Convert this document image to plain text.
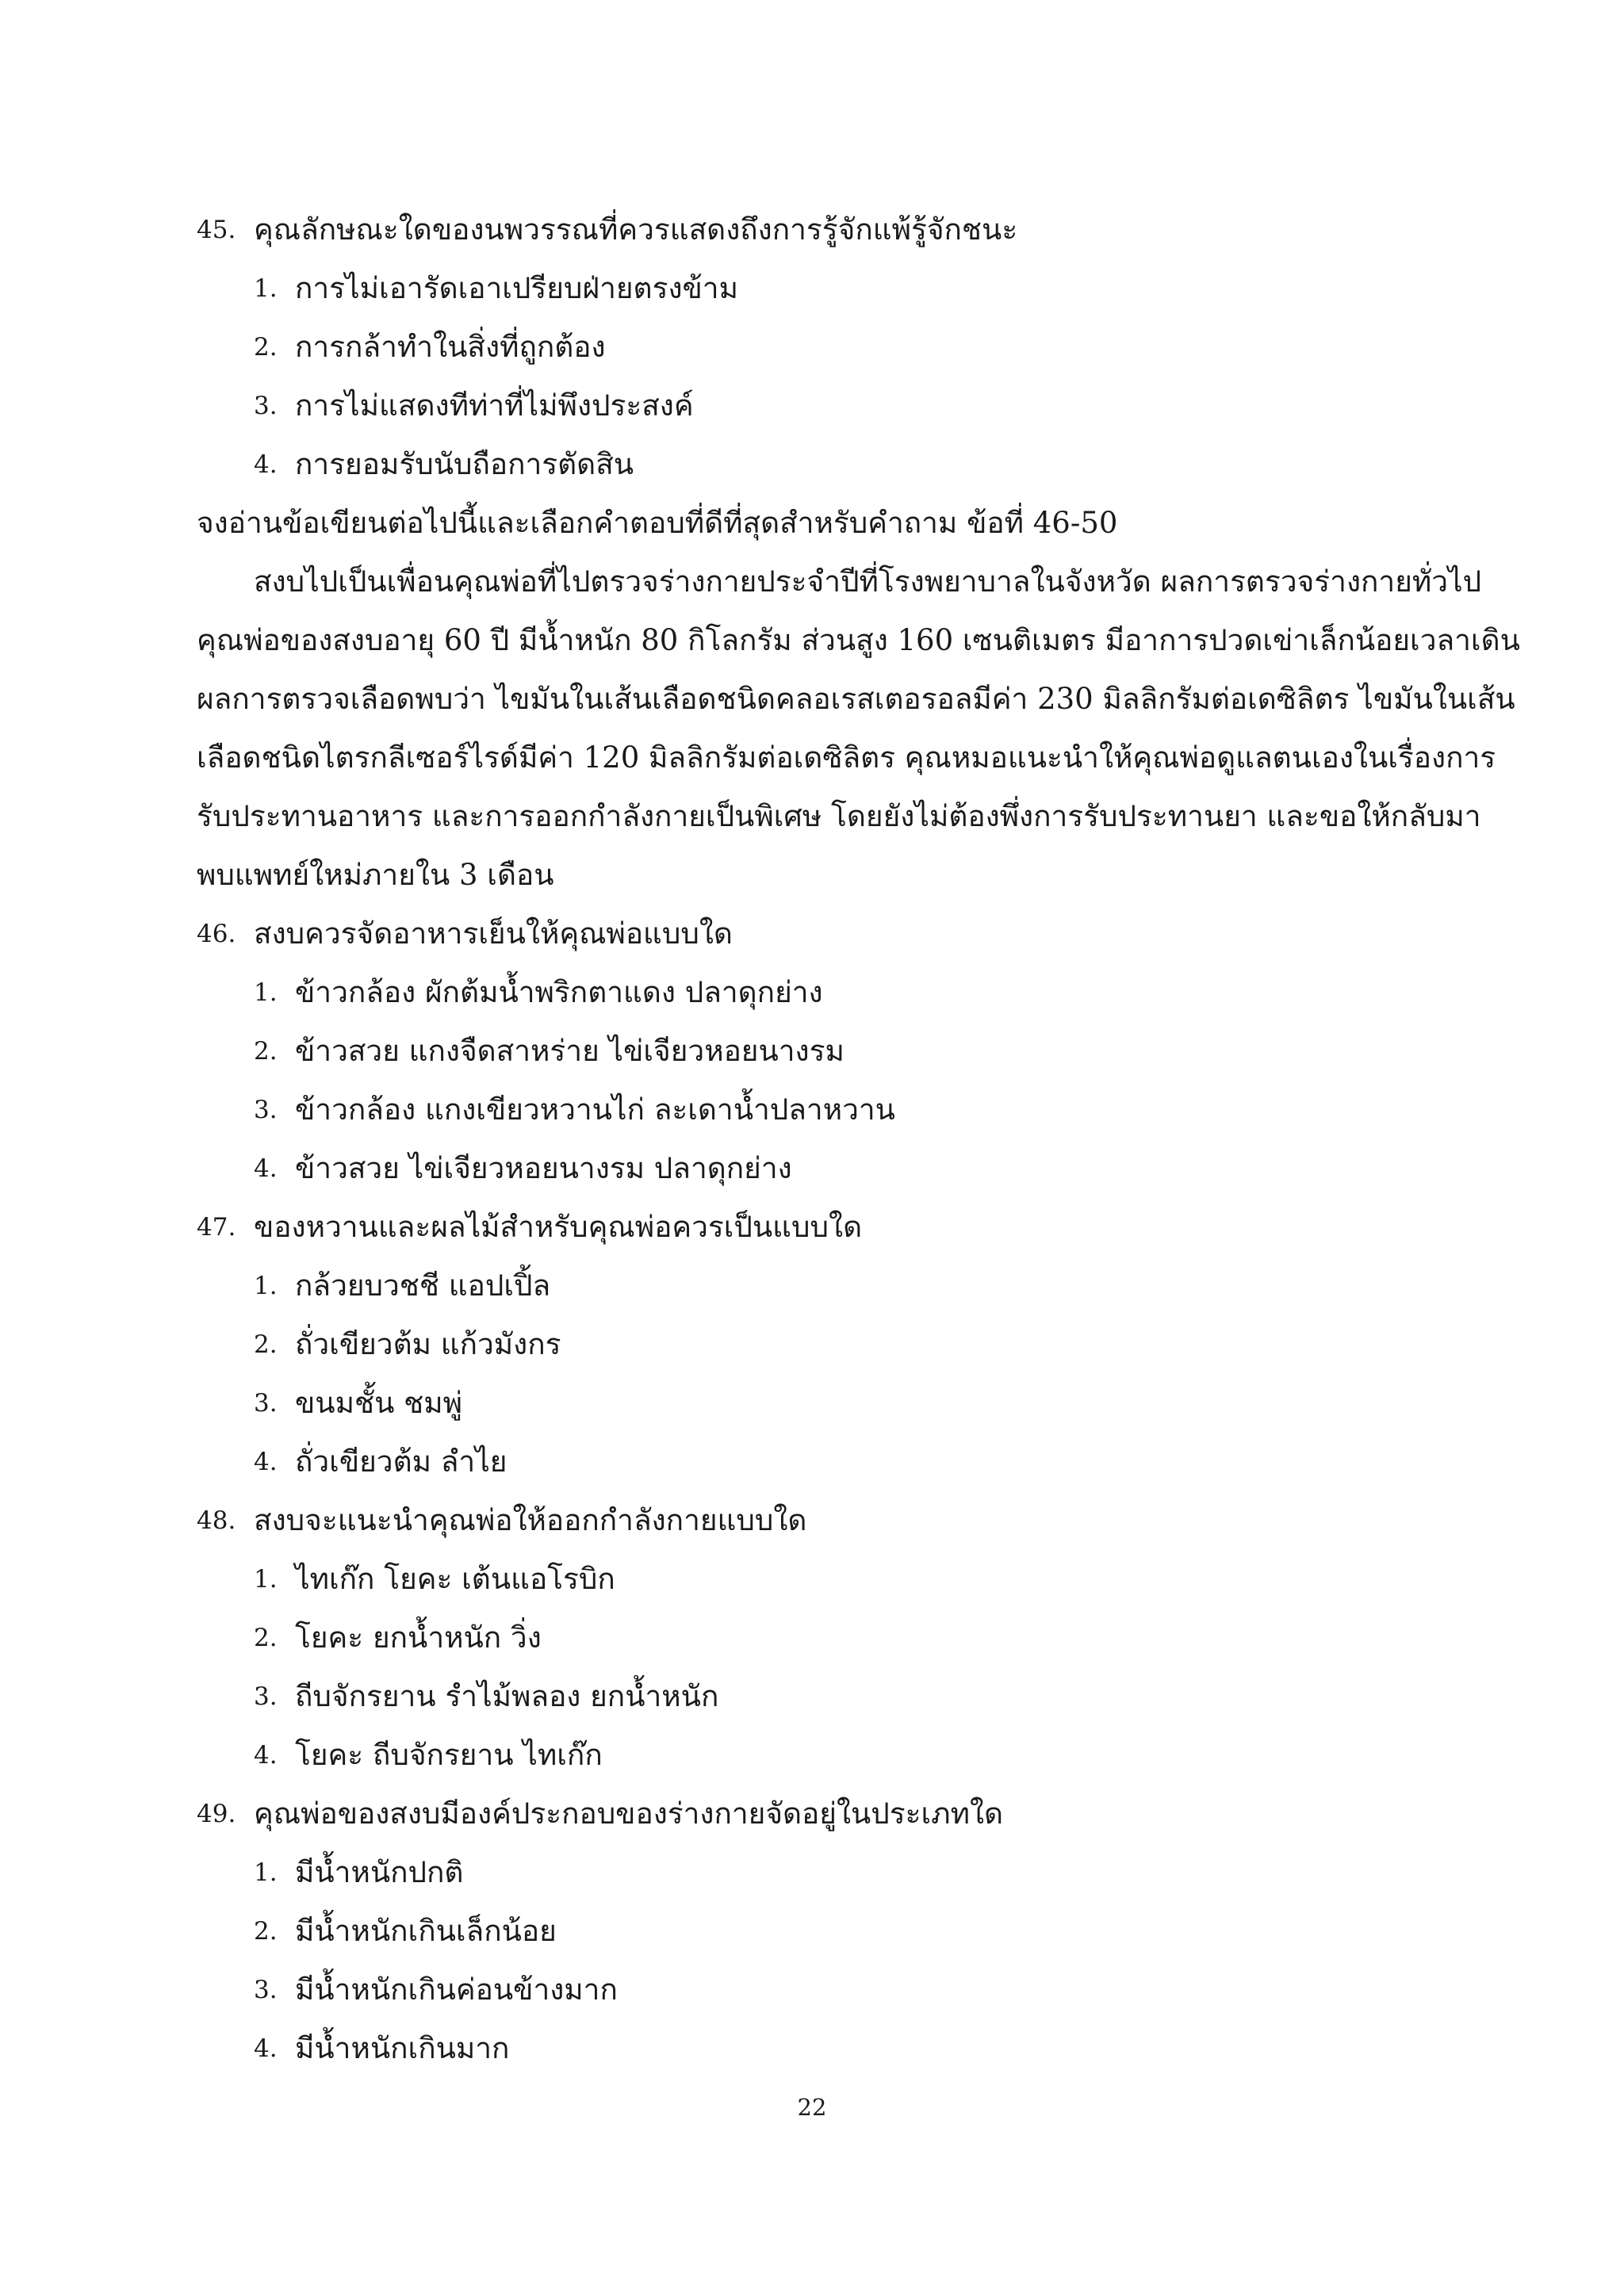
45. คุณลักษณะใดของนพวรรณที่ควรแสดงถึงการรู้จักแพ้รู้จักชนะ
1. การไม่เอารัดเอาเปรียบฝ่ายตรงข้าม
2. การกล้าทำในสิ่งที่ถูกต้อง
3. การไม่แสดงทีท่าที่ไม่พึงประสงค์
4. การยอมรับนับถือการตัดสิน
จงอ่านข้อเขียนต่อไปนี้และเลือกคำตอบที่ดีที่สุดสำหรับคำถาม ข้อที่ 46-50
สงบไปเป็นเพื่อนคุณพ่อที่ไปตรวจร่างกายประจำปีที่โรงพยาบาลในจังหวัด ผลการตรวจร่างกายทั่วไป
คุณพ่อของสงบอายุ 60 ปี มีน้ำหนัก 80 กิโลกรัม ส่วนสูง 160 เซนติเมตร มีอาการปวดเข่าเล็กน้อยเวลาเดิน
ผลการตรวจเลือดพบว่า ไขมันในเส้นเลือดชนิดคลอเรสเตอรอลมีค่า 230 มิลลิกรัมต่อเดซิลิตร ไขมันในเส้น
เลือดชนิดไตรกลีเซอร์ไรด์มีค่า 120 มิลลิกรัมต่อเดซิลิตร คุณหมอแนะนำให้คุณพ่อดูแลตนเองในเรื่องการ
รับประทานอาหาร และการออกกำลังกายเป็นพิเศษ โดยยังไม่ต้องพึ่งการรับประทานยา และขอให้กลับมา
พบแพทย์ใหม่ภายใน 3 เดือน
46. สงบควรจัดอาหารเย็นให้คุณพ่อแบบใด
1. ข้าวกล้อง ผักต้มน้ำพริกตาแดง ปลาดุกย่าง
2. ข้าวสวย แกงจืดสาหร่าย ไข่เจียวหอยนางรม
3. ข้าวกล้อง แกงเขียวหวานไก่ ละเดาน้ำปลาหวาน
4. ข้าวสวย ไข่เจียวหอยนางรม ปลาดุกย่าง
47. ของหวานและผลไม้สำหรับคุณพ่อควรเป็นแบบใด
1. กล้วยบวชชี แอปเปิ้ล
2. ถั่วเขียวต้ม แก้วมังกร
3. ขนมชั้น ชมพู่
4. ถั่วเขียวต้ม ลำไย
48. สงบจะแนะนำคุณพ่อให้ออกกำลังกายแบบใด
1. ไทเก๊ก โยคะ เต้นแอโรบิก
2. โยคะ ยกน้ำหนัก วิ่ง
3. ถีบจักรยาน รำไม้พลอง ยกน้ำหนัก
4. โยคะ ถีบจักรยาน ไทเก๊ก
49. คุณพ่อของสงบมีองค์ประกอบของร่างกายจัดอยู่ในประเภทใด
1. มีน้ำหนักปกติ
2. มีน้ำหนักเกินเล็กน้อย
3. มีน้ำหนักเกินค่อนข้างมาก
4. มีน้ำหนักเกินมาก
22
